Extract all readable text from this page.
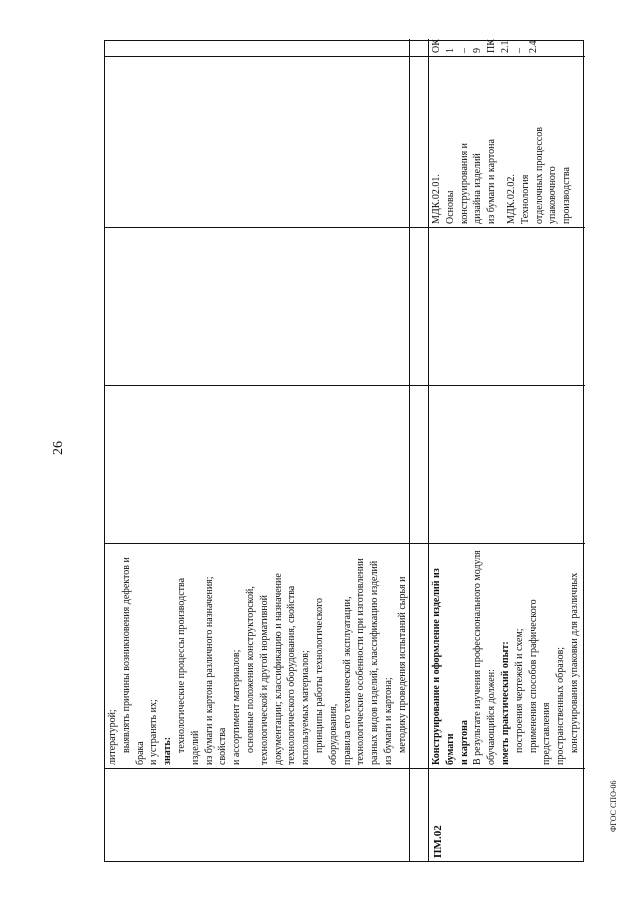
26
ФГОС СПО-06

литературой; выявлять причины возникновения дефектов и брака и устранять их; знать: технологические процессы производства изделий из бумаги и картона различного назначения; свойства и ассортимент материалов; основные положения конструкторской, технологической и другой нормативной документации; классификацию и назначение технологического оборудования, свойства используемых материалов; принципы работы технологического оборудования, правила его технической эксплуатации, технологические особенности при изготовлении разных видов изделий, классификацию изделий из бумаги и картона; методику проведения испытаний сырья и

ПМ.02

Конструирование и оформление изделий из бумаги и картона В результате изучения профессионального модуля обучающийся должен: иметь практический опыт: построения чертежей и схем; применения способов графического представления пространственных образов; конструирования упаковки для различных видов

МДК.02.01. Основы конструирования и дизайна изделий из бумаги и картона МДК.02.02. Технология отделочных процессов упаковочного производства

ОК 1 – 9 ПК 2.1 – 2.4
